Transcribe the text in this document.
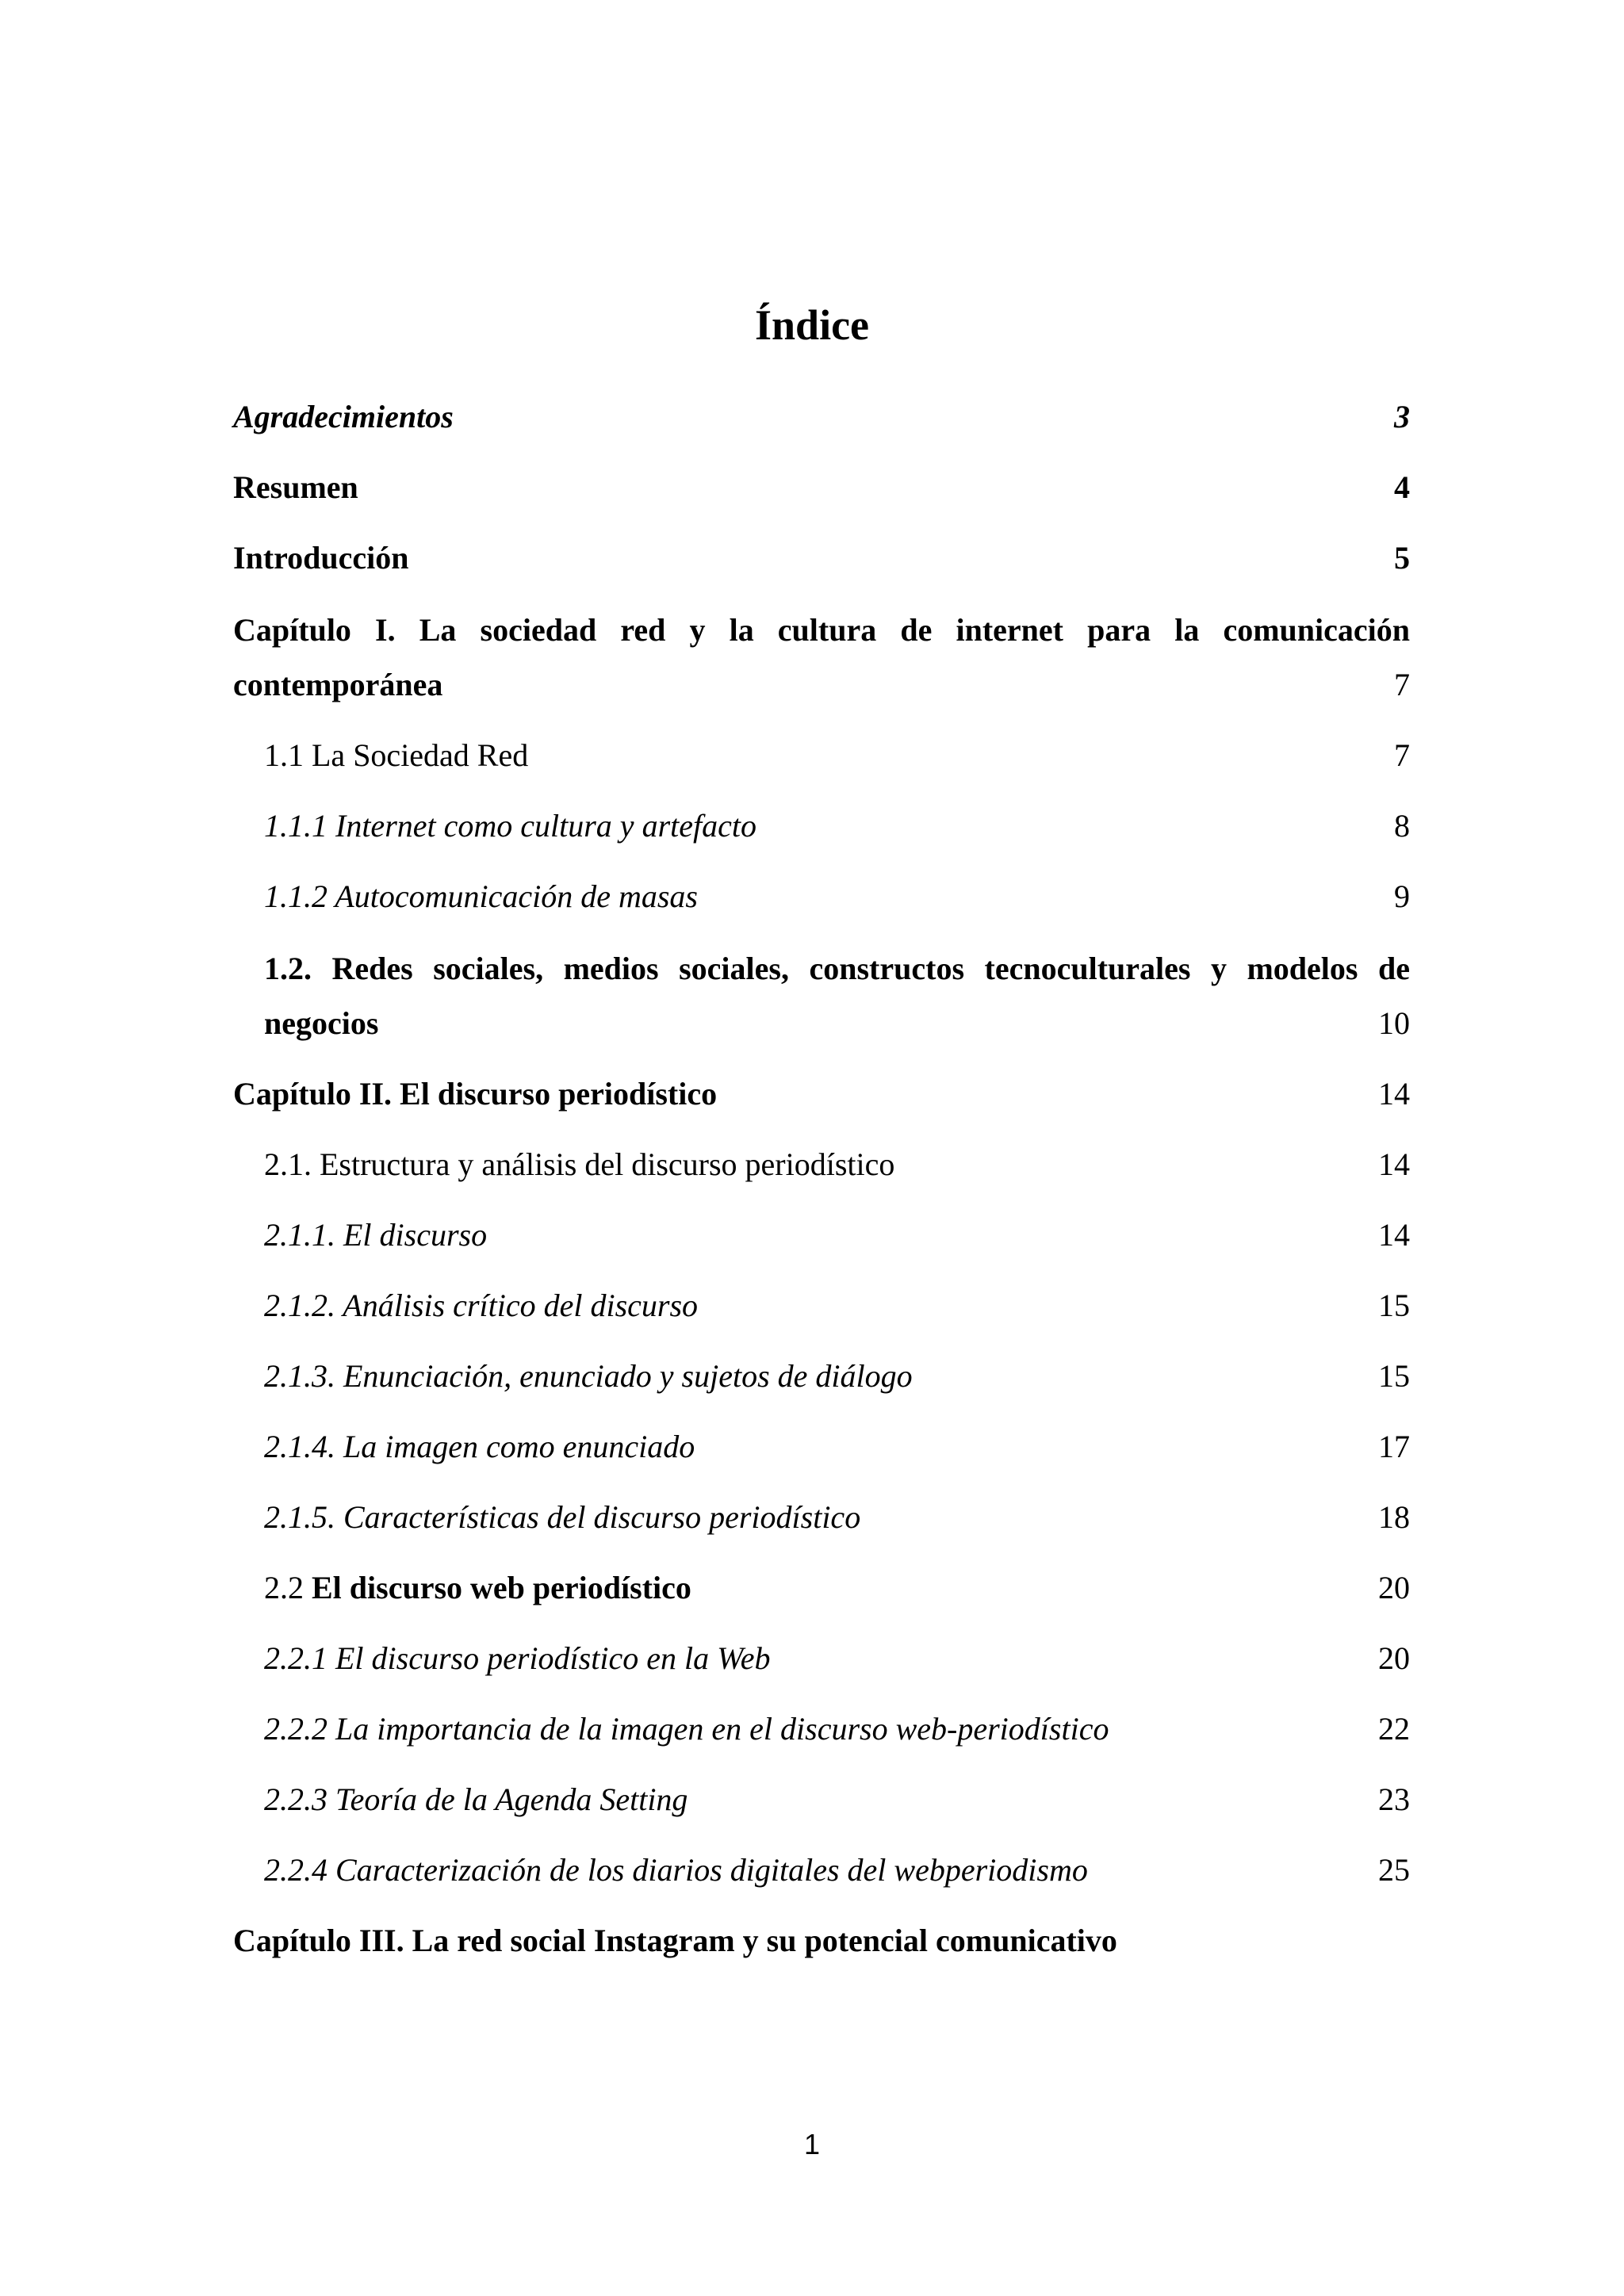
Índice
Agradecimientos	3
Resumen	4
Introducción	5
Capítulo I. La sociedad red y la cultura de internet para la comunicación
contemporánea	7
1.1 La Sociedad Red	7
1.1.1 Internet como cultura y artefacto	8
1.1.2 Autocomunicación de masas	9
1.2. Redes sociales, medios sociales, constructos tecnoculturales y modelos de
negocios	10
Capítulo II. El discurso periodístico	14
2.1. Estructura y análisis del discurso periodístico	14
2.1.1. El discurso	14
2.1.2. Análisis crítico del discurso	15
2.1.3. Enunciación, enunciado y sujetos de diálogo	15
2.1.4. La imagen como enunciado	17
2.1.5. Características del discurso periodístico	18
2.2 El discurso web periodístico	20
2.2.1 El discurso periodístico en la Web	20
2.2.2 La importancia de la imagen en el discurso web-periodístico	22
2.2.3 Teoría de la Agenda Setting	23
2.2.4 Caracterización de los diarios digitales del webperiodismo	25
Capítulo III. La red social Instagram y su potencial comunicativo
1
